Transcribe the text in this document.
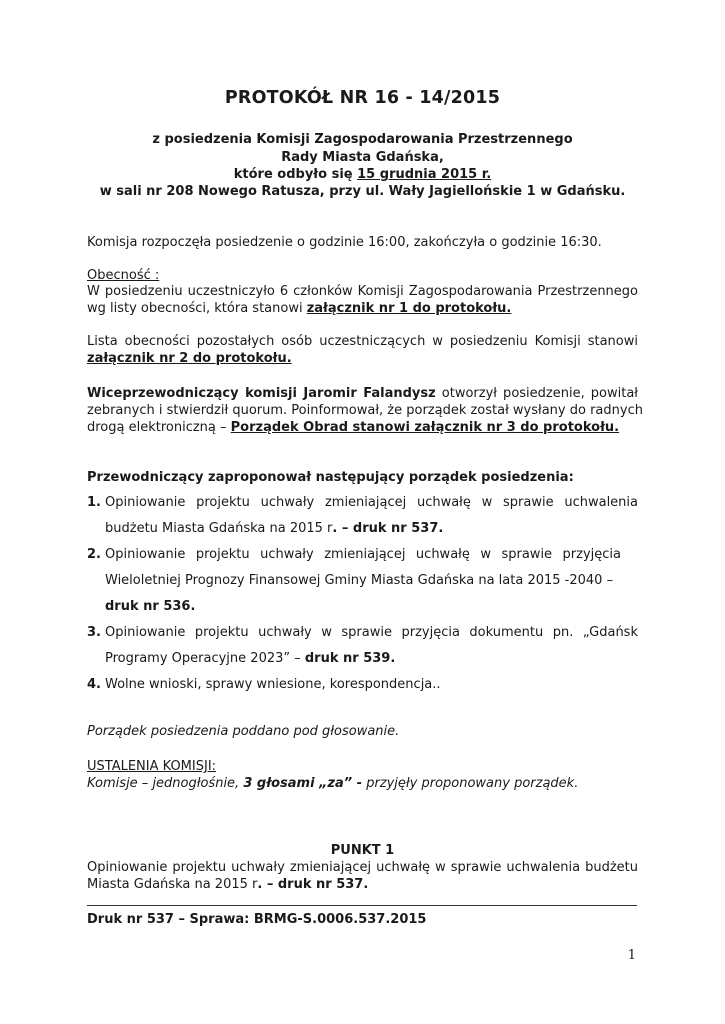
PROTOKÓŁ NR 16 - 14/2015
z posiedzenia Komisji Zagospodarowania Przestrzennego
Rady Miasta Gdańska,
które odbyło się 15 grudnia 2015 r.
w sali nr 208 Nowego Ratusza, przy ul. Wały Jagiellońskie 1 w Gdańsku.
Komisja rozpoczęła posiedzenie o godzinie 16:00, zakończyła o godzinie 16:30.
Obecność :
W posiedzeniu uczestniczyło 6 członków Komisji Zagospodarowania Przestrzennego
wg listy obecności, która stanowi załącznik nr 1 do protokołu.
Lista obecności pozostałych osób uczestniczących w posiedzeniu Komisji stanowi
załącznik nr 2 do protokołu.
Wiceprzewodniczący komisji Jaromir Falandysz otworzył posiedzenie, powitał
zebranych i stwierdził quorum. Poinformował, że porządek został wysłany do radnych
drogą elektroniczną – Porządek Obrad stanowi załącznik nr 3 do protokołu.
Przewodniczący zaproponował następujący porządek posiedzenia:
1. Opiniowanie projektu uchwały zmieniającej uchwałę w sprawie uchwalenia
budżetu Miasta Gdańska na 2015 r. – druk nr 537.
2. Opiniowanie projektu uchwały zmieniającej uchwałę w sprawie przyjęcia
Wieloletniej Prognozy Finansowej Gminy Miasta Gdańska na lata 2015 -2040 –
druk nr 536.
3. Opiniowanie projektu uchwały w sprawie przyjęcia dokumentu pn. „Gdańsk
Programy Operacyjne 2023” – druk nr 539.
4. Wolne wnioski, sprawy wniesione, korespondencja..
Porządek posiedzenia poddano pod głosowanie.
USTALENIA KOMISJI:
Komisje – jednogłośnie, 3 głosami „za” - przyjęły proponowany porządek.
PUNKT 1
Opiniowanie projektu uchwały zmieniającej uchwałę w sprawie uchwalenia budżetu
Miasta Gdańska na 2015 r. – druk nr 537.
Druk nr 537 – Sprawa: BRMG-S.0006.537.2015
1
